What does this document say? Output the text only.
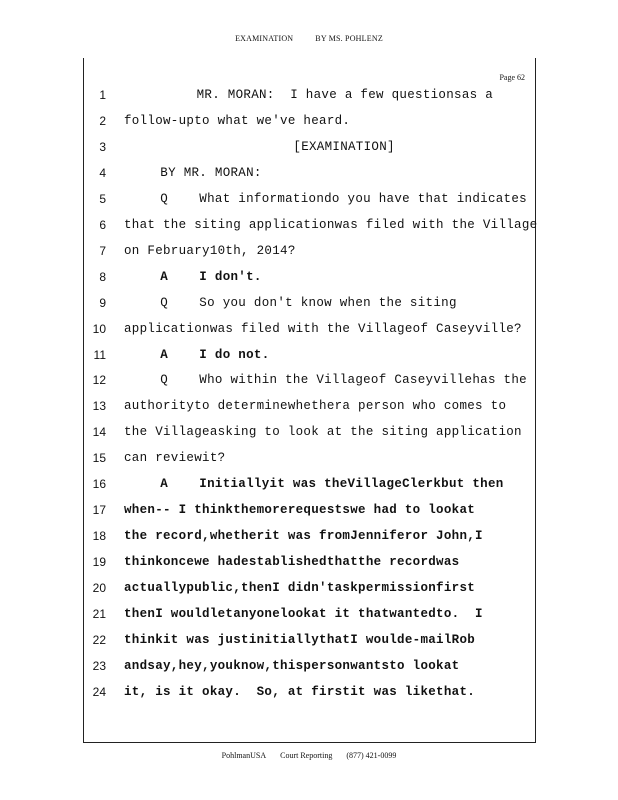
EXAMINATION	BY MS. POHLENZ
Page 62
1	MR. MORAN:  I have a few questionsas a
2 follow-upto what we've heard.
3	[EXAMINATION]
4	BY MR. MORAN:
5	Q    What informationdo you have that indicates
6 that the siting applicationwas filed with the Village
7 on February10th, 2014?
8	A    I don't.
9	Q    So you don't know when the siting
10 applicationwas filed with the Villageof Caseyville?
11	A    I do not.
12	Q    Who within the Villageof Caseyvillehas the
13 authorityto determinewhethera person who comes to
14 the Villageasking to look at the siting application
15 can reviewit?
16	A    Initiallyit was theVillageClerkbut then
17 when-- I thinkthemorerequestswe had to lookat
18 the record,whetherit was fromJenniferor John,I
19 thinkoncewe hadestablishedthatthe recordwas
20 actuallypublic,thenI didn'taskpermissionfirst
21 thenI wouldletanyonelookat it thatwantedto.  I
22 thinkit was justinitiallythatI woulde-mailRob
23 andsay,hey,youknow,thispersonwantsto lookat
24 it, is it okay.  So, at firstit was likethat.
PohlmanUSA Court Reporting (877) 421-0099
